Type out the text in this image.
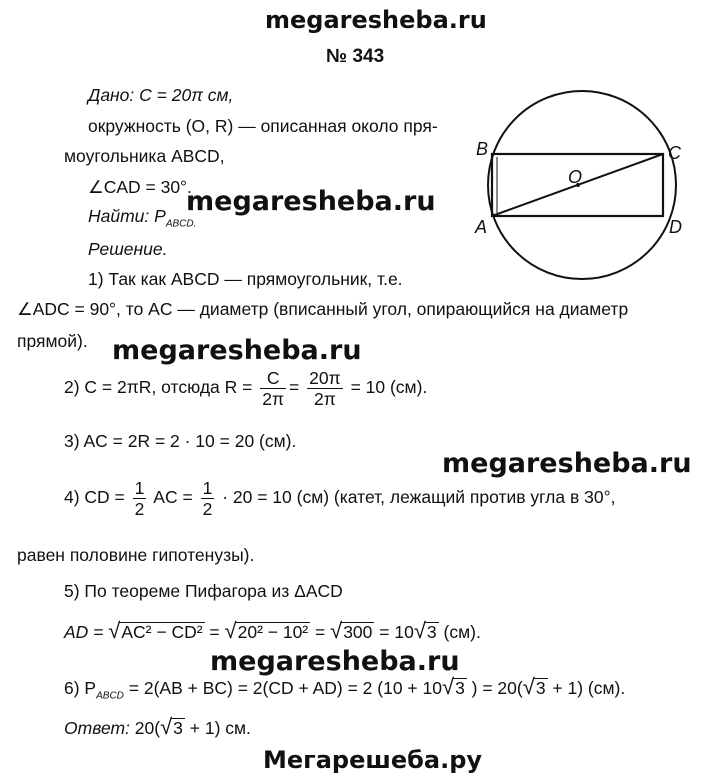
megaresheba.ru
№ 343
Дано: C = 20π см,
окружность (O, R) — описанная около пря-
моугольника ABCD,
∠CAD = 30°.
Найти: $P_{ABCD.}$
B	C
O
A	D
Решение.
1) Так как ABCD — прямоугольник, т.е.
∠ADC = 90°, то AC — диаметр (вписанный угол, опирающийся на диаметр
прямой).
2) C = 2πR, отсюда $R = \frac{C}{2\pi} = \frac{20\pi}{2\pi} = 10$ (см).
3) AC = 2R = 2 · 10 = 20 (см).
4) CD = $\frac{1}{2}$ AC = $\frac{1}{2} \cdot 20 = 10$ (см) (катет, лежащий против угла в 30°,
равен половине гипотенузы).
5) По теореме Пифагора из ΔACD
AD = √AC² − CD² = √20² − 10² = √300 = 10√3 (см).
6) $P_{ABCD} = 2(AB + BC) = 2(CD + AD) = 2$ (10 + 10√3 ) = 20(√3 + 1) (см).
Ответ: 20(√3 + 1) см.
megaresheba.ru
megaresheba.ru
megaresheba.ru
megaresheba.ru
Мегарешеба.ру
